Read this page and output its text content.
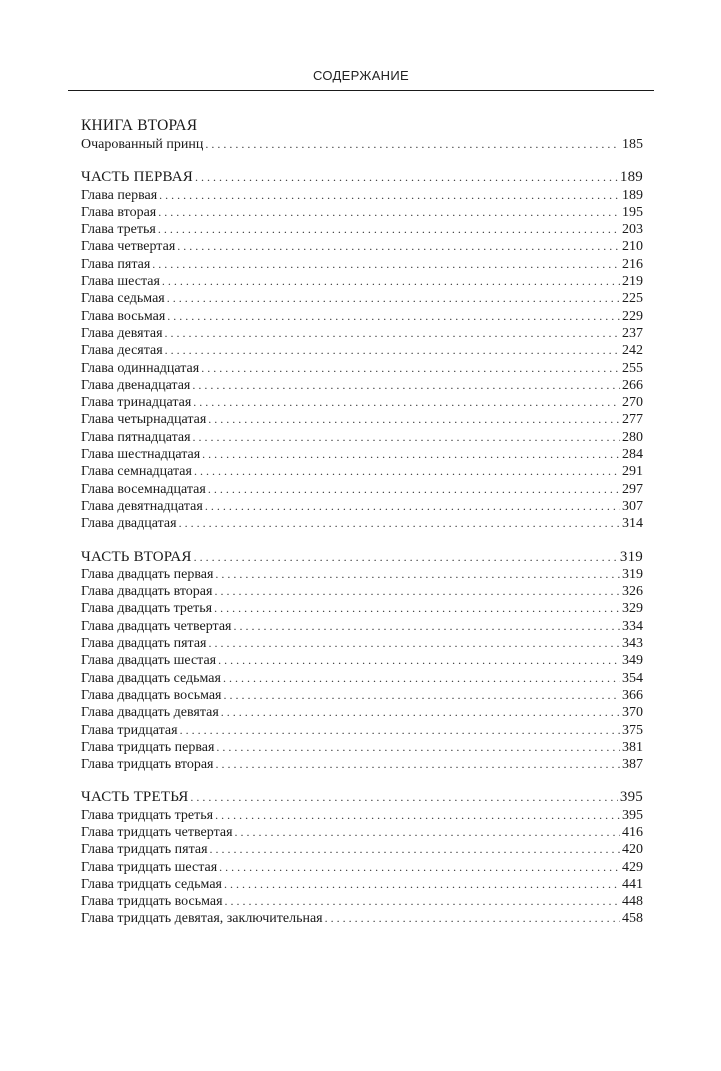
СОДЕРЖАНИЕ
КНИГА ВТОРАЯ
Очарованный принц . . .	185
ЧАСТЬ ПЕРВАЯ . . .	189
Глава первая . . .	189
Глава вторая . . .	195
Глава третья . . .	203
Глава четвертая . . .	210
Глава пятая . . .	216
Глава шестая . . .	219
Глава седьмая . . .	225
Глава восьмая . . .	229
Глава девятая . . .	237
Глава десятая . . .	242
Глава одиннадцатая . . .	255
Глава двенадцатая . . .	266
Глава тринадцатая . . .	270
Глава четырнадцатая . . .	277
Глава пятнадцатая . . .	280
Глава шестнадцатая . . .	284
Глава семнадцатая . . .	291
Глава восемнадцатая . . .	297
Глава девятнадцатая . . .	307
Глава двадцатая . . .	314
ЧАСТЬ ВТОРАЯ . . .	319
Глава двадцать первая . . .	319
Глава двадцать вторая . . .	326
Глава двадцать третья . . .	329
Глава двадцать четвертая . . .	334
Глава двадцать пятая . . .	343
Глава двадцать шестая . . .	349
Глава двадцать седьмая . . .	354
Глава двадцать восьмая . . .	366
Глава двадцать девятая . . .	370
Глава тридцатая . . .	375
Глава тридцать первая . . .	381
Глава тридцать вторая . . .	387
ЧАСТЬ ТРЕТЬЯ . . .	395
Глава тридцать третья . . .	395
Глава тридцать четвертая . . .	416
Глава тридцать пятая . . .	420
Глава тридцать шестая . . .	429
Глава тридцать седьмая . . .	441
Глава тридцать восьмая . . .	448
Глава тридцать девятая, заключительная . . .	458
